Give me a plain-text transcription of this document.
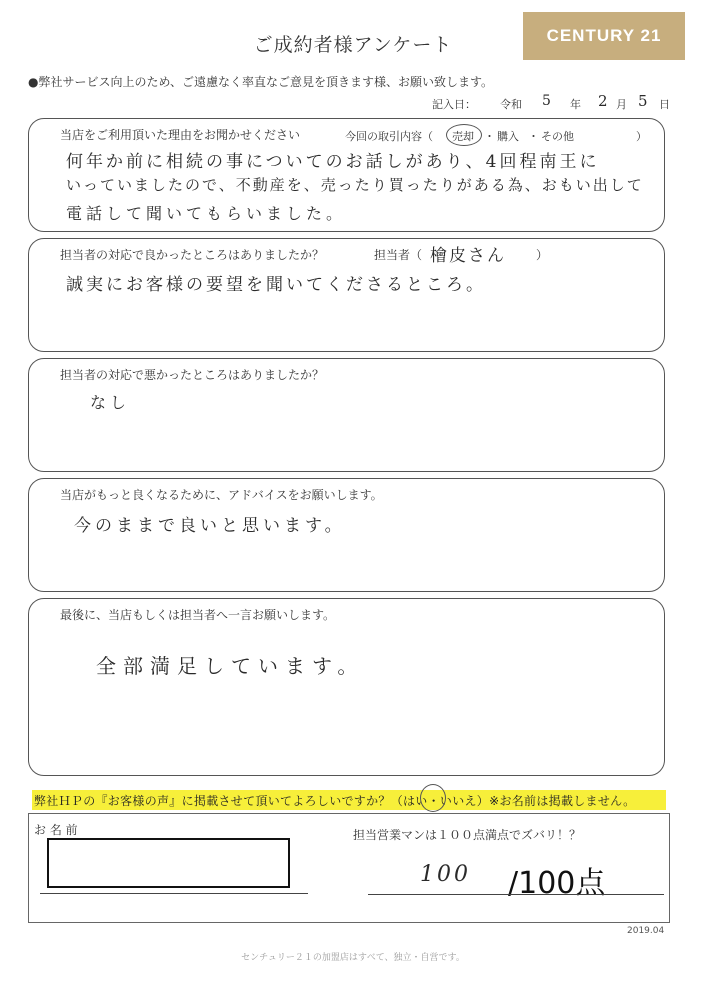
ご成約者様アンケート	CENTURY 21
●弊社サービス向上のため、ご遠慮なく率直なご意見を頂きます様、お願い致します。
記入日： 令和 5 年 2 月 5 日
当店をご利用頂いた理由をお聞かせください	今回の取引内容（ 売却 ・ 購入 ・ その他	）
何年か前に相続の事についてのお話しがあり、4回程南王に
いっていましたので、不動産を、売ったり買ったりがある為、おもい出して
電話して聞いてもらいました。
担当者の対応で良かったところはありましたか？	担当者（ 檜皮さん	）
誠実にお客様の要望を聞いてくださるところ。
担当者の対応で悪かったところはありましたか？
なし
当店がもっと良くなるために、アドバイスをお願いします。
今のままで良いと思います。
最後に、当店もしくは担当者へ一言お願いします。
全部満足しています。
弊社ＨＰの『お客様の声』に掲載させて頂いてよろしいですか？（はい・いいえ）※お名前は掲載しません。
お 名 前	担当営業マンは１００点満点でズバリ！？
100 /100点
2019.04
センチュリー２１の加盟店はすべて、独立・自営です。
